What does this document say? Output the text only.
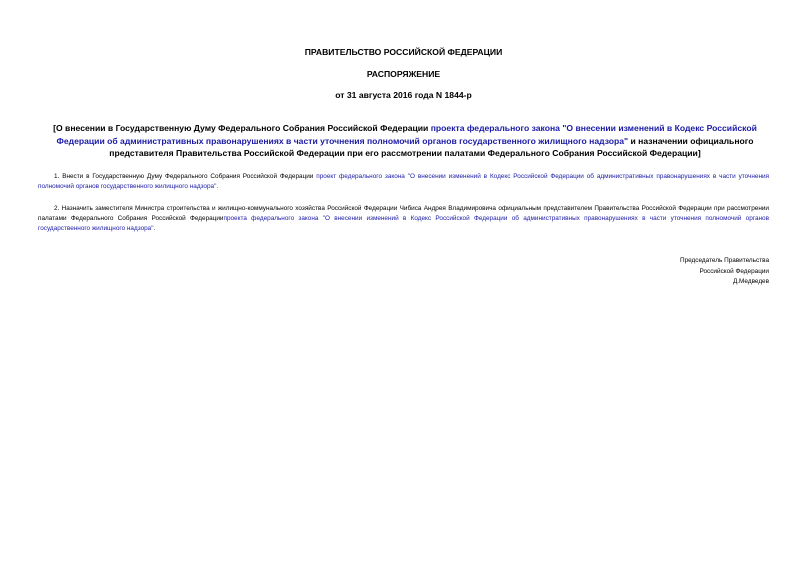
ПРАВИТЕЛЬСТВО РОССИЙСКОЙ ФЕДЕРАЦИИ
РАСПОРЯЖЕНИЕ
от 31 августа 2016 года N 1844-р
[О внесении в Государственную Думу Федерального Собрания Российской Федерации проекта федерального закона "О внесении изменений в Кодекс Российской Федерации об административных правонарушениях в части уточнения полномочий органов государственного жилищного надзора" и назначении официального представителя Правительства Российской Федерации при его рассмотрении палатами Федерального Собрания Российской Федерации]
1. Внести в Государственную Думу Федерального Собрания Российской Федерации проект федерального закона "О внесении изменений в Кодекс Российской Федерации об административных правонарушениях в части уточнения полномочий органов государственного жилищного надзора".
2. Назначить заместителя Министра строительства и жилищно-коммунального хозяйства Российской Федерации Чибиса Андрея Владимировича официальным представителем Правительства Российской Федерации при рассмотрении палатами Федерального Собрания Российской Федерациипроекта федерального закона "О внесении изменений в Кодекс Российской Федерации об административных правонарушениях в части уточнения полномочий органов государственного жилищного надзора".
Председатель Правительства
Российской Федерации
Д.Медведев
